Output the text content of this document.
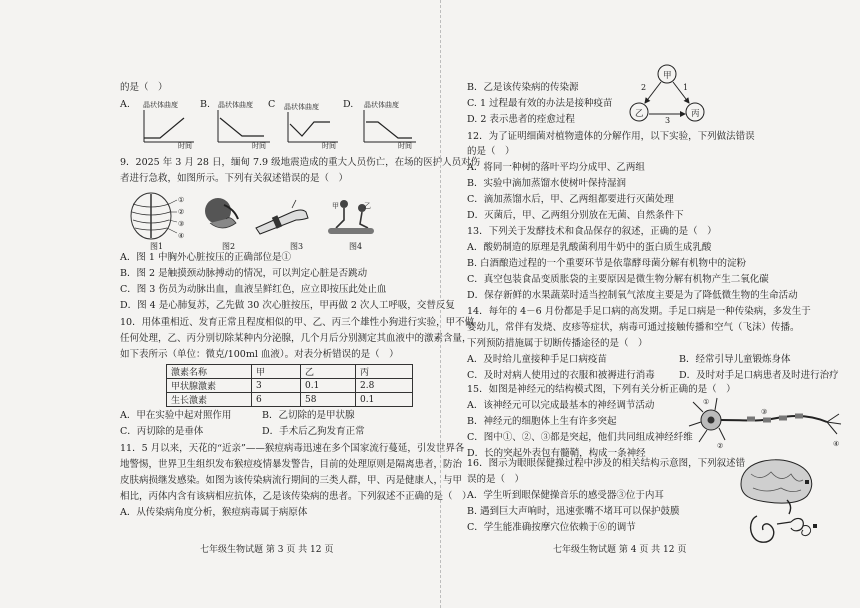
的是（　）
A. 晶状体曲度
时间
B. 晶状体曲度
时间
C 晶状体曲度
时间
D. 晶状体曲度
时间
9．2025 年 3 月 28 日，缅甸 7.9 级地震造成的重大人员伤亡，在场的医护人员对伤
者进行急救，如图所示。下列有关叙述错误的是（　）
①
②
③
④
图1	图2	图3
甲	乙
图4
A．图 1 中胸外心脏按压的正确部位是①
B．图 2 是触摸颈动脉搏动的情况，可以判定心脏是否跳动
C．图 3 伤员为动脉出血，血液呈鲜红色，应立即按压此处止血
D．图 4 是心肺复苏，乙先做 30 次心脏按压，甲再做 2 次人工呼吸，交替反复
10．用体重相近、发育正常且程度相似的甲、乙、丙三个雄性小狗进行实验，甲不做
任何处理，乙、丙分别切除某种内分泌腺，几个月后分别测定其血液中的激素含量，
如下表所示（单位：微克/100ml 血液）。对表分析错误的是（　）
激素名称	甲	乙	丙
甲状腺激素	3	0.1	2.8
生长激素	6	58	0.1
A．甲在实验中起对照作用	B．乙切除的是甲状腺
C．丙切除的是垂体	D．手术后乙狗发育正常
11．5 月以来，天花的“近亲”——猴痘病毒迅速在多个国家流行蔓延，引发世界各
地警惕，世界卫生组织发布猴痘疫情暴发警告，目前的处理原则是隔离患者，防治
皮肤病损继发感染。如图为该传染病流行期间的三类人群，甲、丙是健康人，与甲
相比，丙体内含有该病相应抗体，乙是该传染病的患者。下列叙述不正确的是（　）
A．从传染病角度分析，猴痘病毒属于病原体
七年级生物试题 第 3 页 共 12 页
B．乙是该传染病的传染源
C. 1 过程最有效的办法是接种疫苗
D. 2 表示患者的痊愈过程
甲
乙	丙
2	1
3
12．为了证明细菌对植物遗体的分解作用，以下实验，下列做法错误
的是（　）
A．将同一种树的落叶平均分成甲、乙两组
B．实验中滴加蒸馏水使树叶保持湿润
C．滴加蒸馏水后，甲、乙两组都要进行灭菌处理
D．灭菌后，甲、乙两组分别放在无菌、自然条件下
13．下列关于发酵技术和食品保存的叙述，正确的是（　）
A．酸奶制造的原理是乳酸菌利用牛奶中的蛋白质生成乳酸
B. 白酒酿造过程的一个重要环节是依靠酵母菌分解有机物中的淀粉
C．真空包装食品变质胀袋的主要原因是微生物分解有机物产生二氧化碳
D．保存新鲜的水果蔬菜时适当控制氧气浓度主要是为了降低微生物的生命活动
14．每年的 4－6 月份都是手足口病的高发期。手足口病是一种传染病，多发生于
婴幼儿，常伴有发烧、皮疹等症状，病毒可通过接触传播和空气（飞沫）传播。
下列预防措施属于切断传播途径的是（　）
A．及时给儿童接种手足口病疫苗	B．经常引导儿童锻炼身体
C．及时对病人使用过的衣服和被褥进行消毒	D．及时对手足口病患者及时进行治疗
15．如图是神经元的结构模式图，下列有关分析正确的是（　）
A．该神经元可以完成最基本的神经调节活动
B．神经元的细胞体上生有许多突起
C．图中①、②、③都是突起，他们共同组成神经纤维
D．长的突起外表包有髓鞘，构成一条神经
①
②
③
④
16．图示为眼眼保健操过程中涉及的相关结构示意图，下列叙述错
误的是（　）
A．学生听到眼保健操音乐的感受器③位于内耳
B. 遇到巨大声响时，迅速张嘴不堵耳可以保护鼓膜
C．学生能准确按摩穴位依赖于⑥的调节
七年级生物试题 第 4 页 共 12 页
